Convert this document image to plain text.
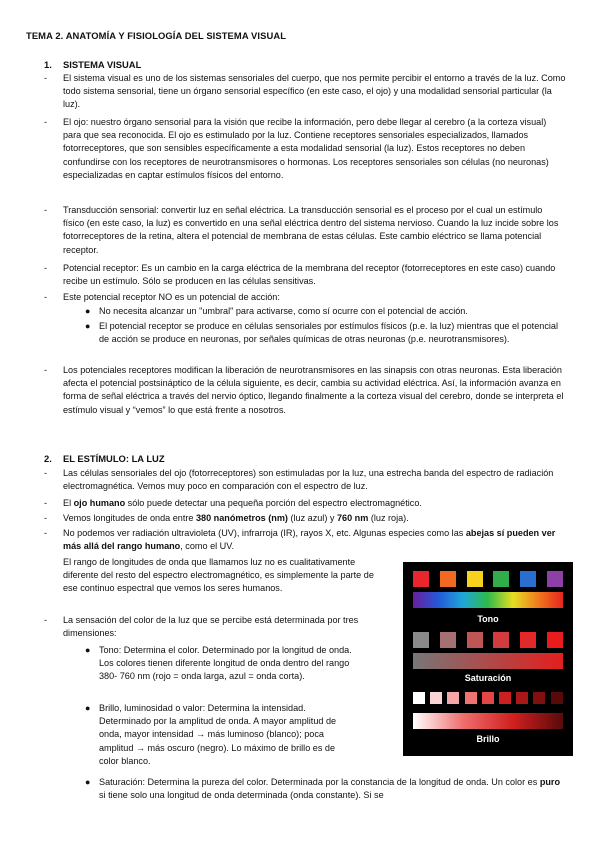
TEMA 2. ANATOMÍA Y FISIOLOGÍA DEL SISTEMA VISUAL
1. SISTEMA VISUAL
- El sistema visual es uno de los sistemas sensoriales del cuerpo, que nos permite percibir el entorno a través de la luz. Como todo sistema sensorial, tiene un órgano sensorial específico (en este caso, el ojo) y una modalidad sensorial particular (la luz).
- El ojo: nuestro órgano sensorial para la visión que recibe la información, pero debe llegar al cerebro (a la corteza visual) para que sea reconocida. El ojo es estimulado por la luz. Contiene receptores sensoriales especializados, llamados fotorreceptores, que son sensibles específicamente a esta modalidad sensorial (la luz). Estos receptores no deben confundirse con los receptores de neurotransmisores o hormonas. Los receptores sensoriales son células (no neuronas) especializadas en captar estímulos físicos del entorno.
- Transducción sensorial: convertir luz en señal eléctrica. La transducción sensorial es el proceso por el cual un estímulo físico (en este caso, la luz) es convertido en una señal eléctrica dentro del sistema nervioso. Cuando la luz incide sobre los fotorreceptores de la retina, altera el potencial de membrana de estas células. Este cambio eléctrico se llama potencial receptor.
- Potencial receptor: Es un cambio en la carga eléctrica de la membrana del receptor (fotorreceptores en este caso) cuando recibe un estímulo. Sólo se producen en las células sensitivas.
- Este potencial receptor NO es un potencial de acción:
● No necesita alcanzar un "umbral" para activarse, como sí ocurre con el potencial de acción.
● El potencial receptor se produce en células sensoriales por estímulos físicos (p.e. la luz) mientras que el potencial de acción se produce en neuronas, por señales químicas de otras neuronas (p.e. neurotransmisores).
- Los potenciales receptores modifican la liberación de neurotransmisores en las sinapsis con otras neuronas. Esta liberación afecta el potencial postsináptico de la célula siguiente, es decir, cambia su actividad eléctrica. Así, la información avanza en forma de señal eléctrica a través del nervio óptico, llegando finalmente a la corteza visual del cerebro, donde se interpreta el estímulo visual y “vemos” lo que está frente a nosotros.
2. EL ESTÍMULO: LA LUZ
- Las células sensoriales del ojo (fotorreceptores) son estimuladas por la luz, una estrecha banda del espectro de radiación electromagnética. Vemos muy poco en comparación con el espectro de luz.
- El ojo humano sólo puede detectar una pequeña porción del espectro electromagnético.
- Vemos longitudes de onda entre 380 nanómetros (nm) (luz azul) y 760 nm (luz roja).
- No podemos ver radiación ultravioleta (UV), infrarroja (IR), rayos X, etc. Algunas especies como las abejas sí pueden ver más allá del rango humano, como el UV.
El rango de longitudes de onda que llamamos luz no es cualitativamente diferente del resto del espectro electromagnético, es simplemente la parte de ese continuo espectral que vemos los seres humanos.
- La sensación del color de la luz que se percibe está determinada por tres dimensiones:
● Tono: Determina el color. Determinado por la longitud de onda. Los colores tienen diferente longitud de onda dentro del rango 380- 760 nm (rojo = onda larga, azul = onda corta).
● Brillo, luminosidad o valor: Determina la intensidad. Determinado por la amplitud de onda. A mayor amplitud de onda, mayor intensidad → más luminoso (blanco); poca amplitud → más oscuro (negro). Lo máximo de brillo es de color blanco.
● Saturación: Determina la pureza del color. Determinada por la constancia de la longitud de onda. Un color es puro si tiene solo una longitud de onda determinada (onda constante). Si se
Tono
Saturación
Brillo
